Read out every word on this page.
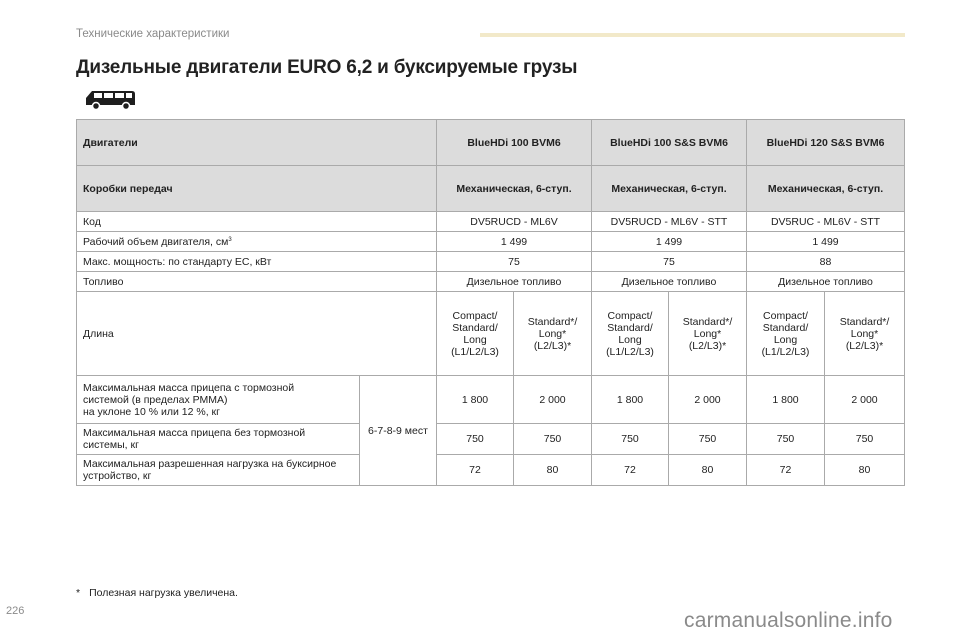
Технические характеристики
Дизельные двигатели EURO 6,2 и буксируемые грузы
Двигатели		BlueHDi 100 BVM6		BlueHDi 100 S&S BVM6		BlueHDi 120 S&S BVM6	
Коробки передач		Механическая, 6-ступ.		Механическая, 6-ступ.		Механическая, 6-ступ.	
Код		DV5RUCD - ML6V		DV5RUCD - ML6V - STT		DV5RUC - ML6V - STT	
Рабочий объем двигателя, $см^3$		1 499		1 499		1 499	
Макс. мощность: по стандарту ЕС, кВт		75		75		88	
Топливо		Дизельное топливо		Дизельное топливо		Дизельное топливо	
Длина		Compact/
Standard/
Long
(L1/L2/L3)	Standard*/
Long*
(L2/L3)*	Compact/
Standard/
Long
(L1/L2/L3)	Standard*/
Long*
(L2/L3)*	Compact/
Standard/
Long
(L1/L2/L3)	Standard*/
Long*
(L2/L3)*
Максимальная масса прицепа с тормозной
системой (в пределах РММА)
на уклоне 10 % или 12 %, кг	6-7-8-9 мест	1 800	2 000	1 800	2 000	1 800	2 000
Максимальная масса прицепа без тормозной
системы, кг		750	750	750	750	750	750
Максимальная разрешенная нагрузка на буксирное
устройство, кг		72	80	72	80	72	80
* Полезная нагрузка увеличена.
226	carmanualsonline.info
